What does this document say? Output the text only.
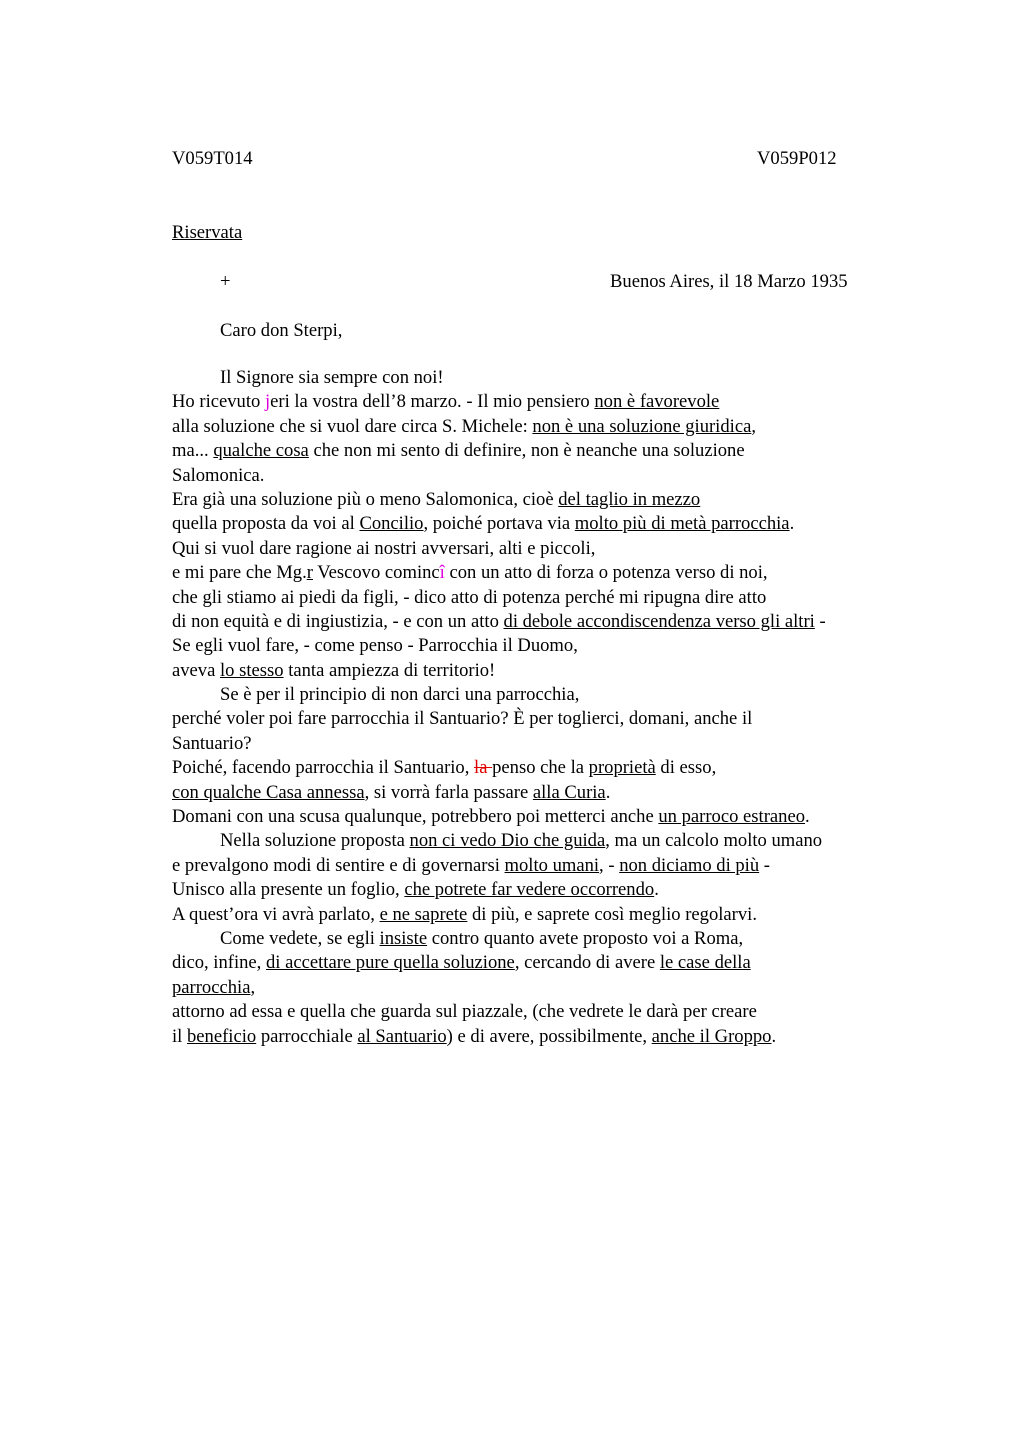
V059T014	V059P012
Riservata
+	Buenos Aires, il 18 Marzo 1935
Caro don Sterpi,
Il Signore sia sempre con noi!
Ho ricevuto jeri la vostra dell’8 marzo. - Il mio pensiero non è favorevole
alla soluzione che si vuol dare circa S. Michele: non è una soluzione giuridica,
ma... qualche cosa che non mi sento di definire, non è neanche una soluzione
Salomonica.
Era già una soluzione più o meno Salomonica, cioè del taglio in mezzo
quella proposta da voi al Concilio, poiché portava via molto più di metà parrocchia.
Qui si vuol dare ragione ai nostri avversari, alti e piccoli,
e mi pare che Mg.r Vescovo comincî con un atto di forza o potenza verso di noi,
che gli stiamo ai piedi da figli, - dico atto di potenza perché mi ripugna dire atto
di non equità e di ingiustizia, - e con un atto di debole accondiscendenza verso gli altri -
Se egli vuol fare, - come penso - Parrocchia il Duomo,
aveva lo stesso tanta ampiezza di territorio!
Se è per il principio di non darci una parrocchia,
perché voler poi fare parrocchia il Santuario? È per toglierci, domani, anche il
Santuario?
Poiché, facendo parrocchia il Santuario, la penso che la proprietà di esso,
con qualche Casa annessa, si vorrà farla passare alla Curia.
Domani con una scusa qualunque, potrebbero poi metterci anche un parroco estraneo.
Nella soluzione proposta non ci vedo Dio che guida, ma un calcolo molto umano
e prevalgono modi di sentire e di governarsi molto umani, - non diciamo di più -
Unisco alla presente un foglio, che potrete far vedere occorrendo.
A quest’ora vi avrà parlato, e ne saprete di più, e saprete così meglio regolarvi.
Come vedete, se egli insiste contro quanto avete proposto voi a Roma,
dico, infine, di accettare pure quella soluzione, cercando di avere le case della
parrocchia,
attorno ad essa e quella che guarda sul piazzale, (che vedrete le darà per creare
il beneficio parrocchiale al Santuario) e di avere, possibilmente, anche il Groppo.
